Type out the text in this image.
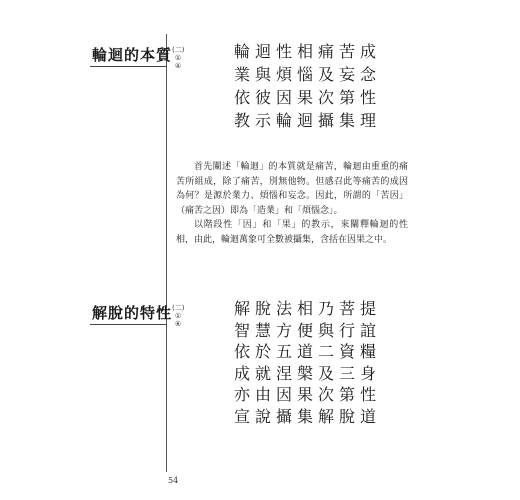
輪迴的本質 (二)
①
④
輪迴性相痛苦成
業與煩惱及妄念
依彼因果次第性
教示輪迴攝集理

首先闡述「輪迴」的本質就是痛苦，輪迴由重重的痛苦所組成，除了痛苦，別無他物。但感召此等痛苦的成因為何？是源於業力、煩惱和妄念。因此，所謂的「苦因」（痛苦之因）即為「造業」和「煩惱念」。

以階段性「因」和「果」的教示，來闡釋輪迴的性相，由此，輪迴萬象可全數被攝集，含括在因果之中。

解脫的特性 (二)
①
⑥
解脫法相乃菩提
智慧方便與行誼
依於五道二資糧
成就涅槃及三身
亦由因果次第性
宣說攝集解脫道
54
